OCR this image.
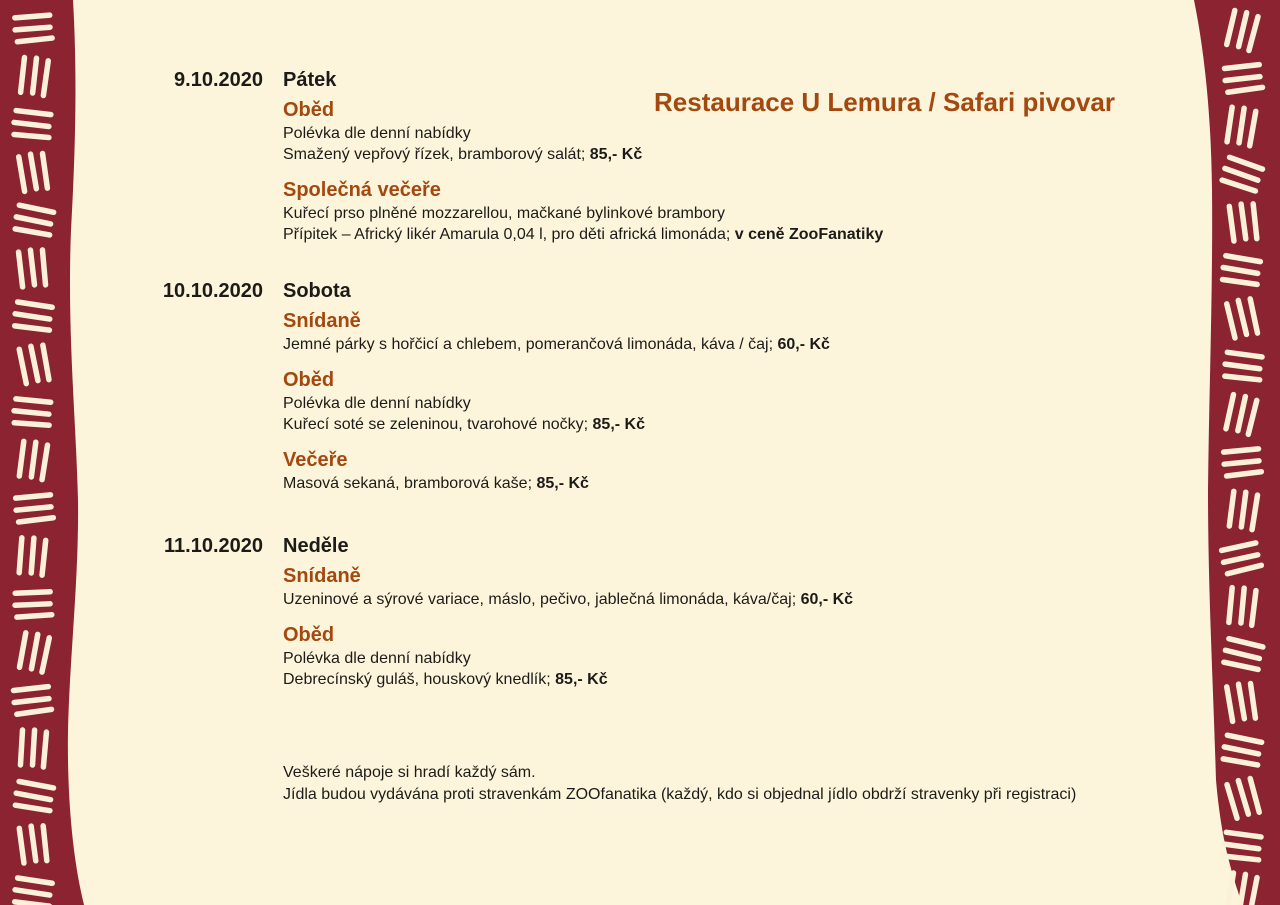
Restaurace U Lemura / Safari pivovar
9.10.2020 Pátek
Oběd

Polévka dle denní nabídky

Smažený vepřový řízek, bramborový salát; 85,- Kč

Společná večeře

Kuřecí prso plněné mozzarellou, mačkané bylinkové brambory

Přípitek – Africký likér Amarula 0,04 l, pro děti africká limonáda; v ceně ZooFanatiky

10.10.2020 Sobota
Snídaně

Jemné párky s hořčicí a chlebem, pomerančová limonáda, káva / čaj; 60,- Kč

Oběd

Polévka dle denní nabídky

Kuřecí soté se zeleninou, tvarohové nočky; 85,- Kč

Večeře

Masová sekaná, bramborová kaše; 85,- Kč

11.10.2020 Neděle
Snídaně

Uzeninové a sýrové variace, máslo, pečivo, jablečná limonáda, káva/čaj; 60,- Kč

Oběd

Polévka dle denní nabídky

Debrecínský guláš, houskový knedlík; 85,- Kč

Veškeré nápoje si hradí každý sám.

Jídla budou vydávána proti stravenkám ZOOfanatika (každý, kdo si objednal jídlo obdrží stravenky při registraci)
